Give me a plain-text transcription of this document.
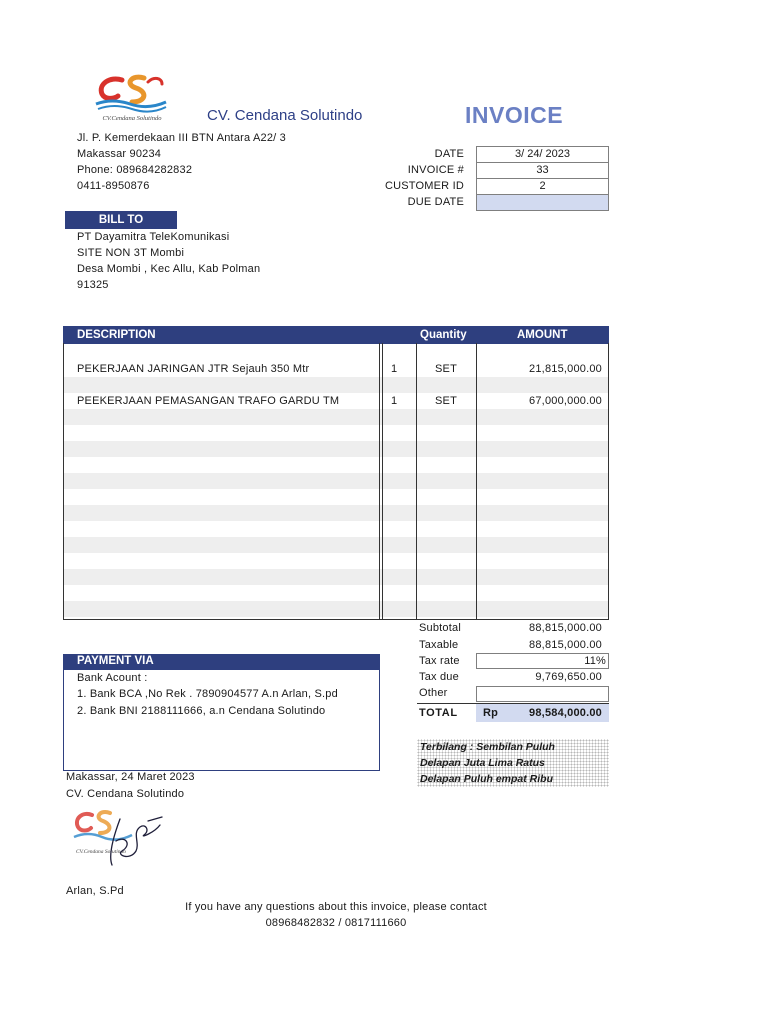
CV.Cendana Solutindo	CV. Cendana Solutindo	INVOICE
Jl. P. Kemerdekaan III BTN Antara A22/ 3
Makassar 90234
Phone: 089684282832
0411-8950876
DATE	3/ 24/ 2023
INVOICE #	33
CUSTOMER ID	2
DUE DATE
BILL TO
PT Dayamitra TeleKomunikasi
SITE NON 3T Mombi
Desa Mombi , Kec Allu, Kab Polman
91325
DESCRIPTION	Quantity	AMOUNT
PEKERJAAN JARINGAN JTR Sejauh 350 Mtr	1	SET	21,815,000.00
PEEKERJAAN PEMASANGAN TRAFO GARDU TM	1	SET	67,000,000.00
Subtotal	88,815,000.00
Taxable	88,815,000.00
Tax rate	11%
Tax due	9,769,650.00
Other
TOTAL Rp	98,584,000.00
Terbilang : Sembilan Puluh
Delapan Juta Lima Ratus
Delapan Puluh empat Ribu
PAYMENT VIA
Bank Acount :
1. Bank BCA ,No Rek . 7890904577 A.n Arlan, S.pd
2. Bank BNI 2188111666, a.n Cendana Solutindo
Makassar, 24 Maret 2023
CV. Cendana Solutindo
CV.Cendana Solutindo
Arlan, S.Pd
If you have any questions about this invoice, please contact
08968482832 / 0817111660
